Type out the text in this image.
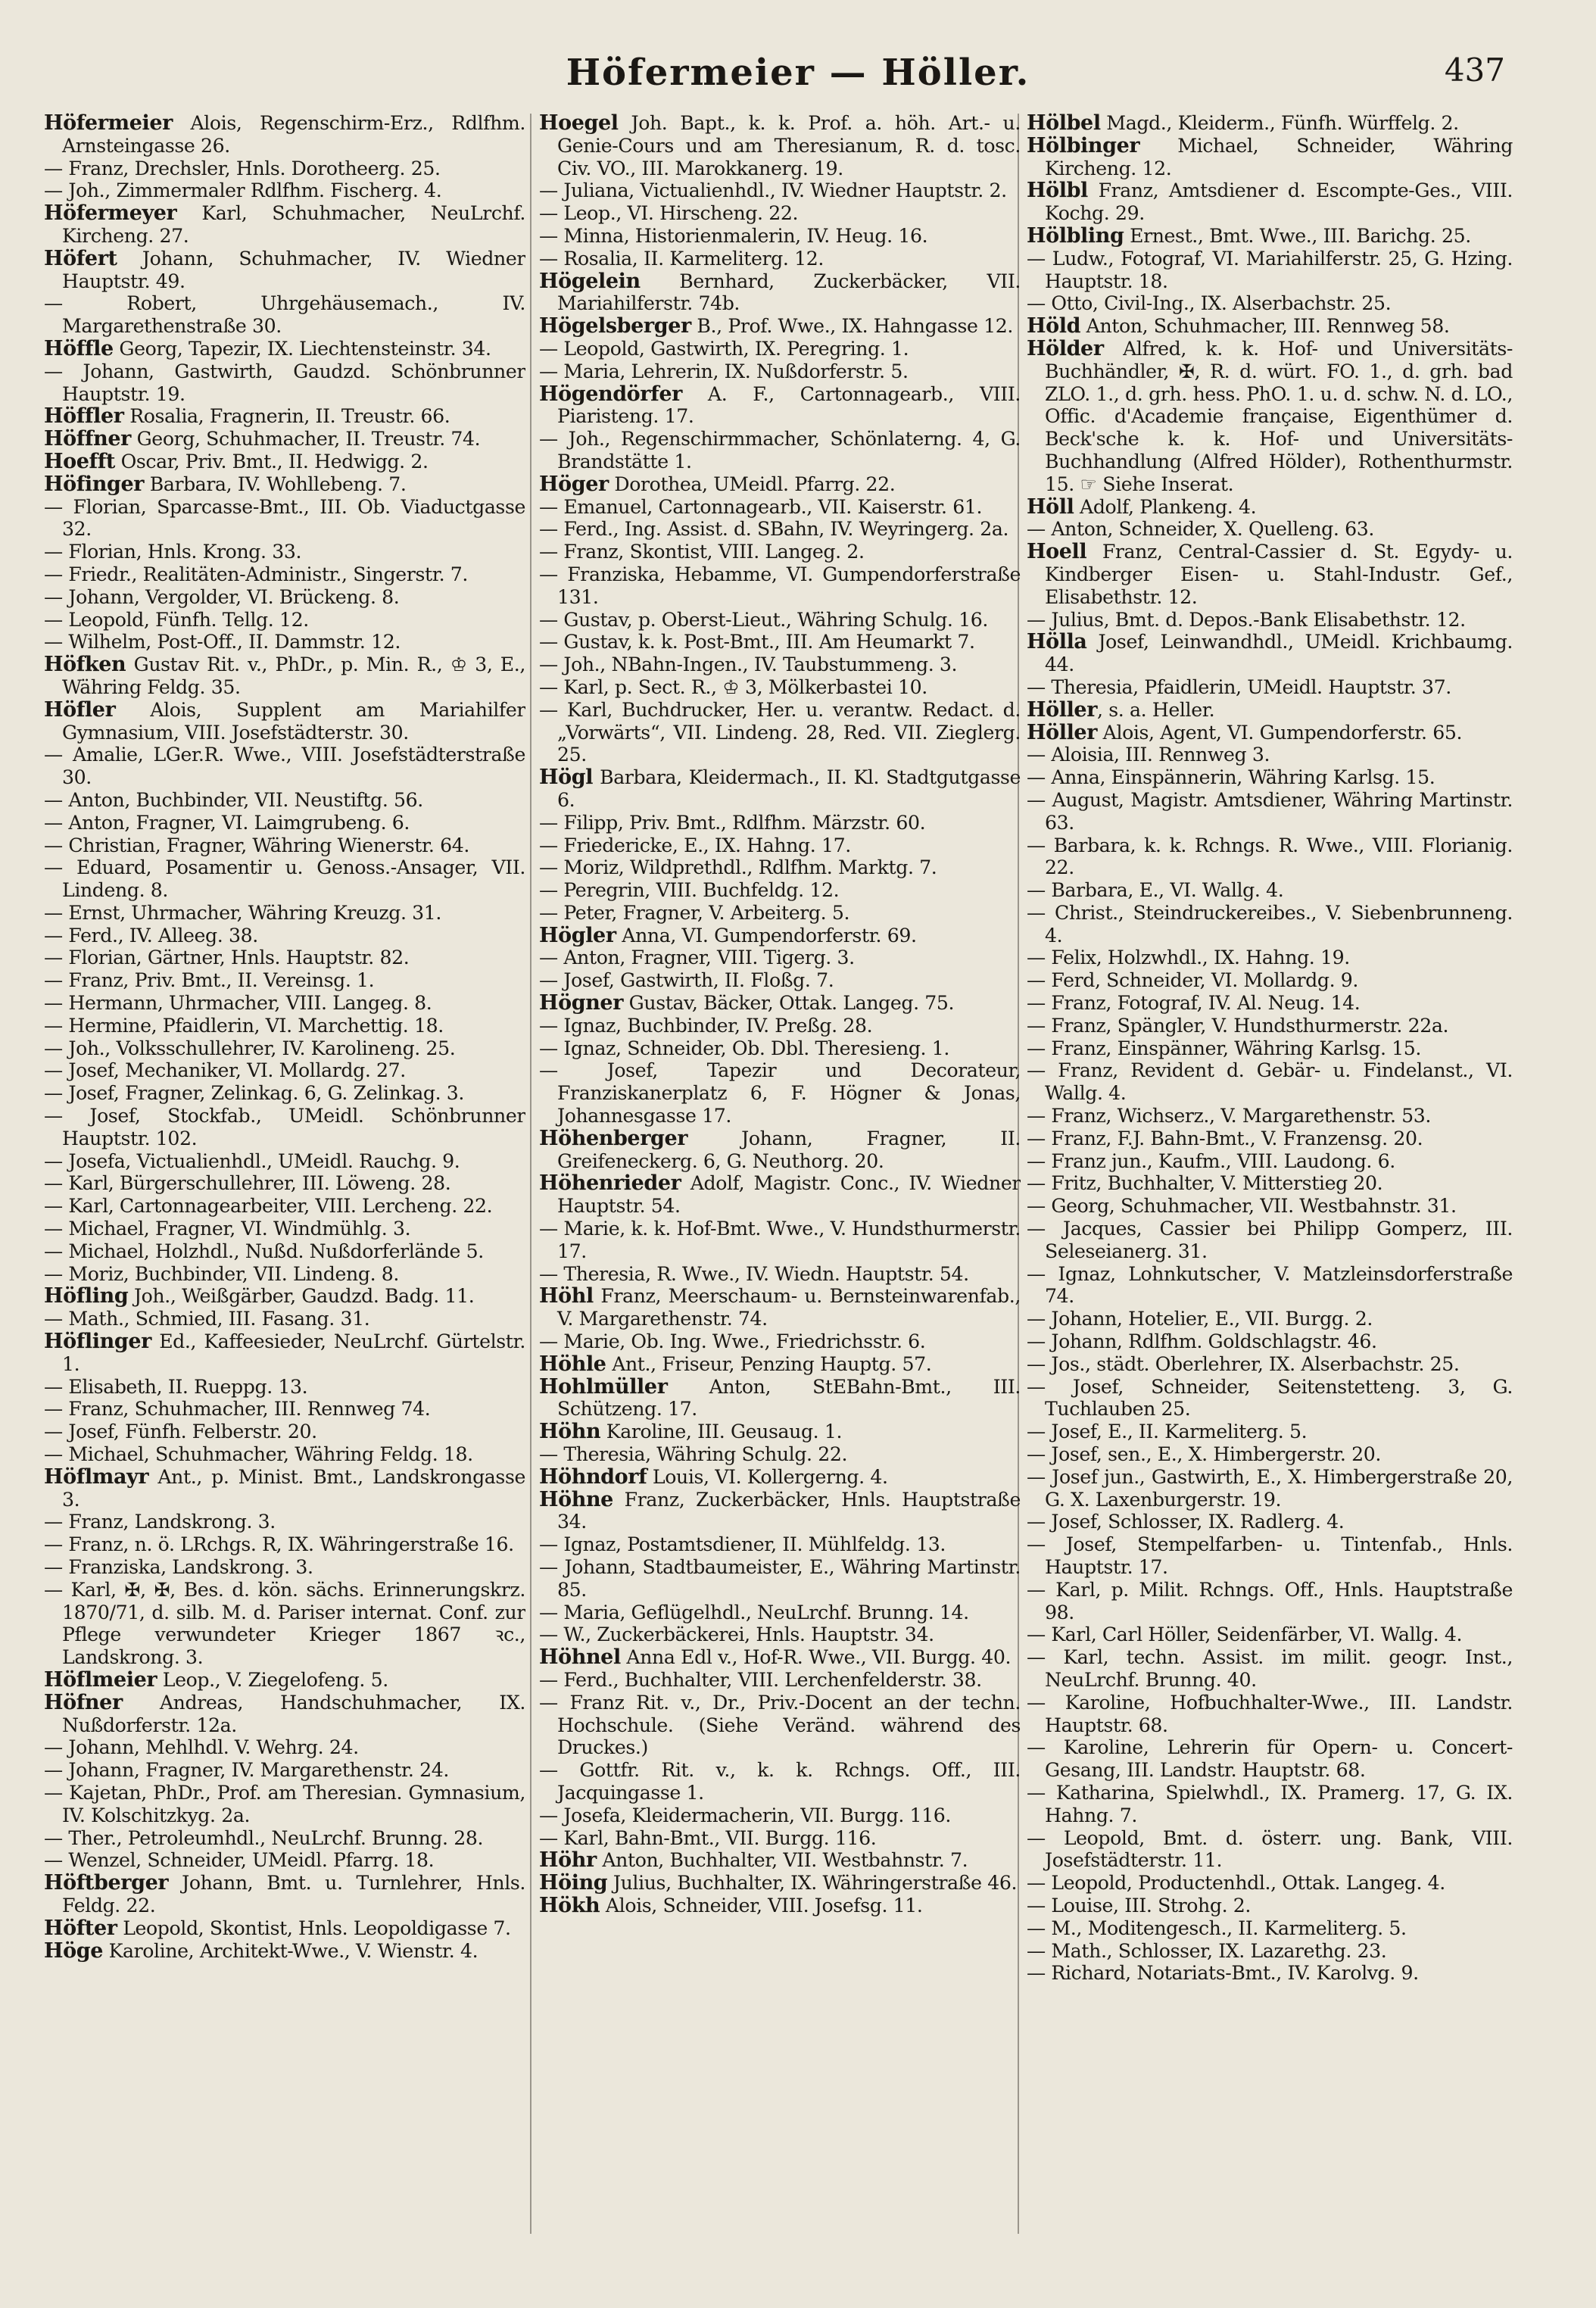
Höfermeier — Höller.	437
Höfermeier Alois, Regenschirm-Erz., Rdlfhm. Arnsteingasse 26.
— Franz, Drechsler, Hnls. Dorotheerg. 25.
— Joh., Zimmermaler Rdlfhm. Fischerg. 4.
Höfermeyer Karl, Schuhmacher, NeuLrchf. Kircheng. 27.
Höfert Johann, Schuhmacher, IV. Wiedner Hauptstr. 49.
— Robert, Uhrgehäusemach., IV. Margarethenstraße 30.
Höffle Georg, Tapezir, IX. Liechtensteinstr. 34.
— Johann, Gastwirth, Gaudzd. Schönbrunner Hauptstr. 19.
Höffler Rosalia, Fragnerin, II. Treustr. 66.
Höffner Georg, Schuhmacher, II. Treustr. 74.
Hoefft Oscar, Priv. Bmt., II. Hedwigg. 2.
Höfinger Barbara, IV. Wohllebeng. 7.
— Florian, Sparcasse-Bmt., III. Ob. Viaductgasse 32.
— Florian, Hnls. Krong. 33.
— Friedr., Realitäten-Administr., Singerstr. 7.
— Johann, Vergolder, VI. Brückeng. 8.
— Leopold, Fünfh. Tellg. 12.
— Wilhelm, Post-Off., II. Dammstr. 12.
Höfken Gustav Rit. v., PhDr., p. Min. R., ♔ 3, E., Währing Feldg. 35.
Höfler Alois, Supplent am Mariahilfer Gymnasium, VIII. Josefstädterstr. 30.
— Amalie, LGer.R. Wwe., VIII. Josefstädterstraße 30.
— Anton, Buchbinder, VII. Neustiftg. 56.
— Anton, Fragner, VI. Laimgrubeng. 6.
— Christian, Fragner, Währing Wienerstr. 64.
— Eduard, Posamentir u. Genoss.-Ansager, VII. Lindeng. 8.
— Ernst, Uhrmacher, Währing Kreuzg. 31.
— Ferd., IV. Alleeg. 38.
— Florian, Gärtner, Hnls. Hauptstr. 82.
— Franz, Priv. Bmt., II. Vereinsg. 1.
— Hermann, Uhrmacher, VIII. Langeg. 8.
— Hermine, Pfaidlerin, VI. Marchettig. 18.
— Joh., Volksschullehrer, IV. Karolineng. 25.
— Josef, Mechaniker, VI. Mollardg. 27.
— Josef, Fragner, Zelinkag. 6, G. Zelinkag. 3.
— Josef, Stockfab., UMeidl. Schönbrunner Hauptstr. 102.
— Josefa, Victualienhdl., UMeidl. Rauchg. 9.
— Karl, Bürgerschullehrer, III. Löweng. 28.
— Karl, Cartonnagearbeiter, VIII. Lercheng. 22.
— Michael, Fragner, VI. Windmühlg. 3.
— Michael, Holzhdl., Nußd. Nußdorferlände 5.
— Moriz, Buchbinder, VII. Lindeng. 8.
Höfling Joh., Weißgärber, Gaudzd. Badg. 11.
— Math., Schmied, III. Fasang. 31.
Höflinger Ed., Kaffeesieder, NeuLrchf. Gürtelstr. 1.
— Elisabeth, II. Rueppg. 13.
— Franz, Schuhmacher, III. Rennweg 74.
— Josef, Fünfh. Felberstr. 20.
— Michael, Schuhmacher, Währing Feldg. 18.
Höflmayr Ant., p. Minist. Bmt., Landskrongasse 3.
— Franz, Landskrong. 3.
— Franz, n. ö. LRchgs. R, IX. Währingerstraße 16.
— Franziska, Landskrong. 3.
— Karl, ✠, ✠, Bes. d. kön. sächs. Erinnerungskrz. 1870/71, d. silb. M. d. Pariser internat. Conf. zur Pflege verwundeter Krieger 1867 ꝛc., Landskrong. 3.
Höflmeier Leop., V. Ziegelofeng. 5.
Höfner Andreas, Handschuhmacher, IX. Nußdorferstr. 12a.
— Johann, Mehlhdl. V. Wehrg. 24.
— Johann, Fragner, IV. Margarethenstr. 24.
— Kajetan, PhDr., Prof. am Theresian. Gymnasium, IV. Kolschitzkyg. 2a.
— Ther., Petroleumhdl., NeuLrchf. Brunng. 28.
— Wenzel, Schneider, UMeidl. Pfarrg. 18.
Höftberger Johann, Bmt. u. Turnlehrer, Hnls. Feldg. 22.
Höfter Leopold, Skontist, Hnls. Leopoldigasse 7.
Höge Karoline, Architekt-Wwe., V. Wienstr. 4.
Hoegel Joh. Bapt., k. k. Prof. a. höh. Art.- u. Genie-Cours und am Theresianum, R. d. tosc. Civ. VO., III. Marokkanerg. 19.
— Juliana, Victualienhdl., IV. Wiedner Hauptstr. 2.
— Leop., VI. Hirscheng. 22.
— Minna, Historienmalerin, IV. Heug. 16.
— Rosalia, II. Karmeliterg. 12.
Högelein Bernhard, Zuckerbäcker, VII. Mariahilferstr. 74b.
Högelsberger B., Prof. Wwe., IX. Hahngasse 12.
— Leopold, Gastwirth, IX. Peregring. 1.
— Maria, Lehrerin, IX. Nußdorferstr. 5.
Högendörfer A. F., Cartonnagearb., VIII. Piaristeng. 17.
— Joh., Regenschirmmacher, Schönlaterng. 4, G. Brandstätte 1.
Höger Dorothea, UMeidl. Pfarrg. 22.
— Emanuel, Cartonnagearb., VII. Kaiserstr. 61.
— Ferd., Ing. Assist. d. SBahn, IV. Weyringerg. 2a.
— Franz, Skontist, VIII. Langeg. 2.
— Franziska, Hebamme, VI. Gumpendorferstraße 131.
— Gustav, p. Oberst-Lieut., Währing Schulg. 16.
— Gustav, k. k. Post-Bmt., III. Am Heumarkt 7.
— Joh., NBahn-Ingen., IV. Taubstummeng. 3.
— Karl, p. Sect. R., ♔ 3, Mölkerbastei 10.
— Karl, Buchdrucker, Her. u. verantw. Redact. d. „Vorwärts“, VII. Lindeng. 28, Red. VII. Zieglerg. 25.
Högl Barbara, Kleidermach., II. Kl. Stadtgutgasse 6.
— Filipp, Priv. Bmt., Rdlfhm. Märzstr. 60.
— Friedericke, E., IX. Hahng. 17.
— Moriz, Wildprethdl., Rdlfhm. Marktg. 7.
— Peregrin, VIII. Buchfeldg. 12.
— Peter, Fragner, V. Arbeiterg. 5.
Högler Anna, VI. Gumpendorferstr. 69.
— Anton, Fragner, VIII. Tigerg. 3.
— Josef, Gastwirth, II. Floßg. 7.
Högner Gustav, Bäcker, Ottak. Langeg. 75.
— Ignaz, Buchbinder, IV. Preßg. 28.
— Ignaz, Schneider, Ob. Dbl. Theresieng. 1.
— Josef, Tapezir und Decorateur, Franziskanerplatz 6, F. Högner & Jonas, Johannesgasse 17.
Höhenberger Johann, Fragner, II. Greifeneckerg. 6, G. Neuthorg. 20.
Höhenrieder Adolf, Magistr. Conc., IV. Wiedner Hauptstr. 54.
— Marie, k. k. Hof-Bmt. Wwe., V. Hundsthurmerstr. 17.
— Theresia, R. Wwe., IV. Wiedn. Hauptstr. 54.
Höhl Franz, Meerschaum- u. Bernsteinwarenfab., V. Margarethenstr. 74.
— Marie, Ob. Ing. Wwe., Friedrichsstr. 6.
Höhle Ant., Friseur, Penzing Hauptg. 57.
Hohlmüller Anton, StEBahn-Bmt., III. Schützeng. 17.
Höhn Karoline, III. Geusaug. 1.
— Theresia, Währing Schulg. 22.
Höhndorf Louis, VI. Kollergerng. 4.
Höhne Franz, Zuckerbäcker, Hnls. Hauptstraße 34.
— Ignaz, Postamtsdiener, II. Mühlfeldg. 13.
— Johann, Stadtbaumeister, E., Währing Martinstr. 85.
— Maria, Geflügelhdl., NeuLrchf. Brunng. 14.
— W., Zuckerbäckerei, Hnls. Hauptstr. 34.
Höhnel Anna Edl v., Hof-R. Wwe., VII. Burgg. 40.
— Ferd., Buchhalter, VIII. Lerchenfelderstr. 38.
— Franz Rit. v., Dr., Priv.-Docent an der techn. Hochschule. (Siehe Veränd. während des Druckes.)
— Gottfr. Rit. v., k. k. Rchngs. Off., III. Jacquingasse 1.
— Josefa, Kleidermacherin, VII. Burgg. 116.
— Karl, Bahn-Bmt., VII. Burgg. 116.
Höhr Anton, Buchhalter, VII. Westbahnstr. 7.
Höing Julius, Buchhalter, IX. Währingerstraße 46.
Hökh Alois, Schneider, VIII. Josefsg. 11.
Hölbel Magd., Kleiderm., Fünfh. Würffelg. 2.
Hölbinger Michael, Schneider, Währing Kircheng. 12.
Hölbl Franz, Amtsdiener d. Escompte-Ges., VIII. Kochg. 29.
Hölbling Ernest., Bmt. Wwe., III. Barichg. 25.
— Ludw., Fotograf, VI. Mariahilferstr. 25, G. Hzing. Hauptstr. 18.
— Otto, Civil-Ing., IX. Alserbachstr. 25.
Höld Anton, Schuhmacher, III. Rennweg 58.
Hölder Alfred, k. k. Hof- und Universitäts-Buchhändler, ✠, R. d. würt. FO. 1., d. grh. bad ZLO. 1., d. grh. hess. PhO. 1. u. d. schw. N. d. LO., Offic. d'Academie française, Eigenthümer d. Beck'sche k. k. Hof- und Universitäts-Buchhandlung (Alfred Hölder), Rothenthurmstr. 15. ☞ Siehe Inserat.
Höll Adolf, Plankeng. 4.
— Anton, Schneider, X. Quelleng. 63.
Hoell Franz, Central-Cassier d. St. Egydy- u. Kindberger Eisen- u. Stahl-Industr. Gef., Elisabethstr. 12.
— Julius, Bmt. d. Depos.-Bank Elisabethstr. 12.
Hölla Josef, Leinwandhdl., UMeidl. Krichbaumg. 44.
— Theresia, Pfaidlerin, UMeidl. Hauptstr. 37.
Höller, s. a. Heller.
Höller Alois, Agent, VI. Gumpendorferstr. 65.
— Aloisia, III. Rennweg 3.
— Anna, Einspännerin, Währing Karlsg. 15.
— August, Magistr. Amtsdiener, Währing Martinstr. 63.
— Barbara, k. k. Rchngs. R. Wwe., VIII. Florianig. 22.
— Barbara, E., VI. Wallg. 4.
— Christ., Steindruckereibes., V. Siebenbrunneng. 4.
— Felix, Holzwhdl., IX. Hahng. 19.
— Ferd, Schneider, VI. Mollardg. 9.
— Franz, Fotograf, IV. Al. Neug. 14.
— Franz, Spängler, V. Hundsthurmerstr. 22a.
— Franz, Einspänner, Währing Karlsg. 15.
— Franz, Revident d. Gebär- u. Findelanst., VI. Wallg. 4.
— Franz, Wichserz., V. Margarethenstr. 53.
— Franz, F.J. Bahn-Bmt., V. Franzensg. 20.
— Franz jun., Kaufm., VIII. Laudong. 6.
— Fritz, Buchhalter, V. Mitterstieg 20.
— Georg, Schuhmacher, VII. Westbahnstr. 31.
— Jacques, Cassier bei Philipp Gomperz, III. Seleseianerg. 31.
— Ignaz, Lohnkutscher, V. Matzleinsdorferstraße 74.
— Johann, Hotelier, E., VII. Burgg. 2.
— Johann, Rdlfhm. Goldschlagstr. 46.
— Jos., städt. Oberlehrer, IX. Alserbachstr. 25.
— Josef, Schneider, Seitenstetteng. 3, G. Tuchlauben 25.
— Josef, E., II. Karmeliterg. 5.
— Josef, sen., E., X. Himbergerstr. 20.
— Josef jun., Gastwirth, E., X. Himbergerstraße 20, G. X. Laxenburgerstr. 19.
— Josef, Schlosser, IX. Radlerg. 4.
— Josef, Stempelfarben- u. Tintenfab., Hnls. Hauptstr. 17.
— Karl, p. Milit. Rchngs. Off., Hnls. Hauptstraße 98.
— Karl, Carl Höller, Seidenfärber, VI. Wallg. 4.
— Karl, techn. Assist. im milit. geogr. Inst., NeuLrchf. Brunng. 40.
— Karoline, Hofbuchhalter-Wwe., III. Landstr. Hauptstr. 68.
— Karoline, Lehrerin für Opern- u. Concert-Gesang, III. Landstr. Hauptstr. 68.
— Katharina, Spielwhdl., IX. Pramerg. 17, G. IX. Hahng. 7.
— Leopold, Bmt. d. österr. ung. Bank, VIII. Josefstädterstr. 11.
— Leopold, Productenhdl., Ottak. Langeg. 4.
— Louise, III. Strohg. 2.
— M., Moditengesch., II. Karmeliterg. 5.
— Math., Schlosser, IX. Lazarethg. 23.
— Richard, Notariats-Bmt., IV. Karolvg. 9.
